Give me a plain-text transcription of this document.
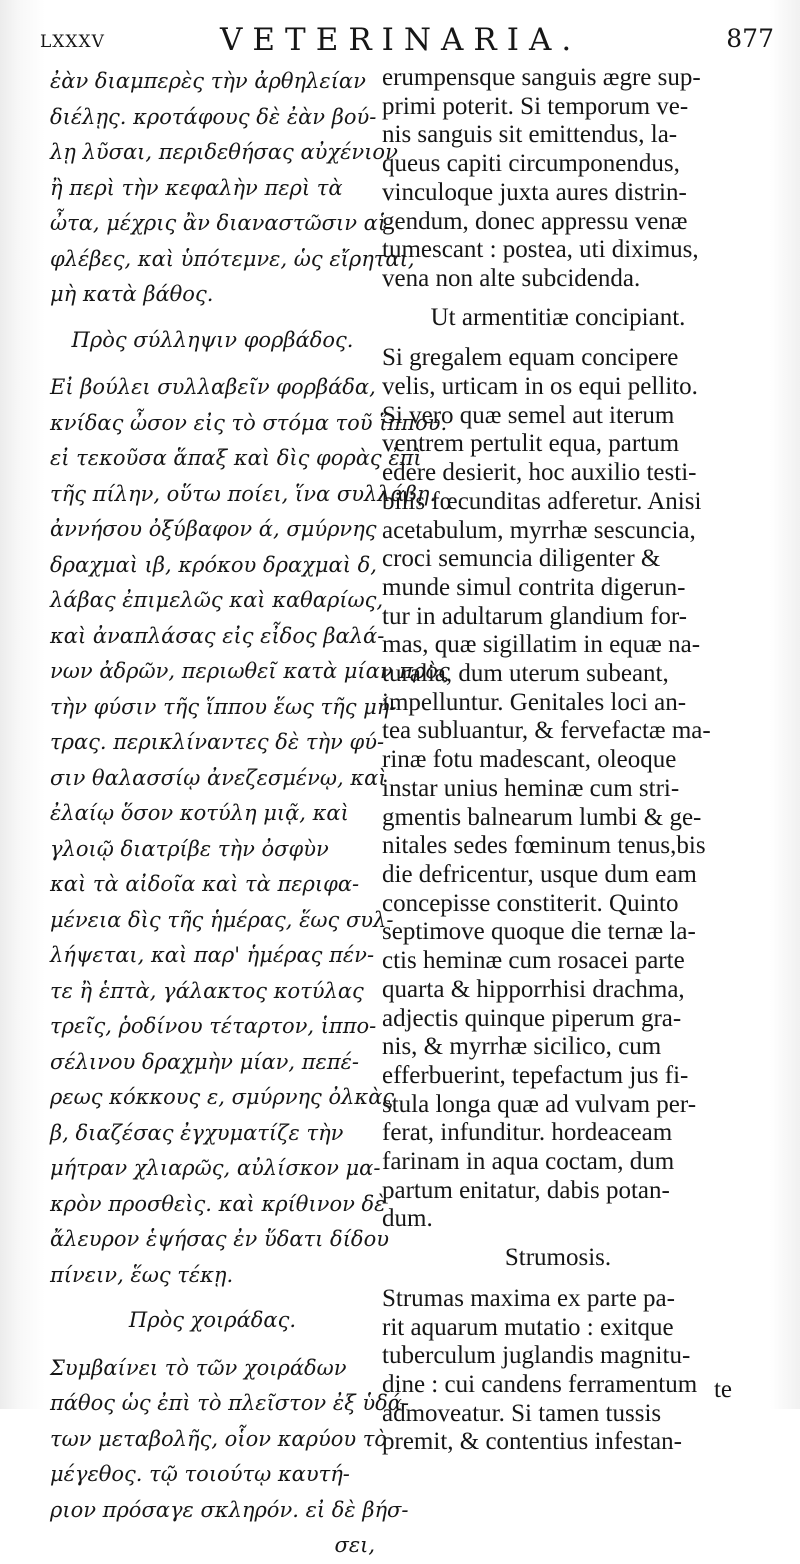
LXXXV	VETERINARIA.	877
ἐὰν διαμπερὲς τὴν ἀρθηλείαν
διέλῃς. κροτάφους δὲ ἐὰν βού-
λῃ λῦσαι, περιδεθήσας αὐχένιον
ἢ περὶ τὴν κεφαλὴν περὶ τὰ
ὦτα, μέχρις ἂν διαναστῶσιν αἱ
φλέβες, καὶ ὑπότεμνε, ὡς εἴρηται,
μὴ κατὰ βάθος.
Πρὸς σύλληψιν φορβάδος.
Εἰ βούλει συλλαβεῖν φορβάδα,
κνίδας ὦσον εἰς τὸ στόμα τοῦ ἵππου.
εἰ τεκοῦσα ἅπαξ καὶ δὶς φορὰς ἐπὶ
τῆς πίλην, οὕτω ποίει, ἵνα συλλάβῃ.
ἀννήσου ὀξύβαφον ά, σμύρνης
δραχμαὶ ιβ, κρόκου δραχμαὶ δ,
λάβας ἐπιμελῶς καὶ καθαρίως,
καὶ ἀναπλάσας εἰς εἶδος βαλά-
νων ἀδρῶν, περιωθεῖ κατὰ μίαν πρὸς
τὴν φύσιν τῆς ἵππου ἕως τῆς μή-
τρας. περικλίναντες δὲ τὴν φύ-
σιν θαλασσίῳ ἀνεζεσμένῳ, καὶ
ἐλαίῳ ὅσον κοτύλη μιᾷ, καὶ
γλοιῷ διατρίβε τὴν ὀσφὺν
καὶ τὰ αἰδοῖα καὶ τὰ περιφα-
μένεια δὶς τῆς ἡμέρας, ἕως συλ-
λήψεται, καὶ παρ' ἡμέρας πέν-
τε ἢ ἑπτὰ, γάλακτος κοτύλας
τρεῖς, ῥοδίνου τέταρτον, ἱππο-
σέλινου δραχμὴν μίαν, πεπέ-
ρεως κόκκους ε, σμύρνης ὀλκὰς
β, διαζέσας ἐγχυματίζε τὴν
μήτραν χλιαρῶς, αὐλίσκον μα-
κρὸν προσθεὶς. καὶ κρίθινον δὲ
ἄλευρον ἑψήσας ἐν ὕδατι δίδου
πίνειν, ἕως τέκῃ.
Πρὸς χοιράδας.
Συμβαίνει τὸ τῶν χοιράδων
πάθος ὡς ἐπὶ τὸ πλεῖστον ἐξ ὑδά-
των μεταβολῆς, οἷον καρύου τὸ
μέγεθος. τῷ τοιούτῳ καυτή-
ριον πρόσαγε σκληρόν. εἰ δὲ βήσ-
σει,
erumpensque sanguis ægre sup-
primi poterit. Si temporum ve-
nis sanguis sit emittendus, la-
queus capiti circumponendus,
vinculoque juxta aures distrin-
gendum, donec appressu venæ
tumescant : postea, uti diximus,
vena non alte subcidenda.
Ut armentitiæ concipiant.
Si gregalem equam concipere
velis, urticam in os equi pellito.
Si vero quæ semel aut iterum
ventrem pertulit equa, partum
edere desierit, hoc auxilio testi-
bilis fœcunditas adferetur. Anisi
acetabulum, myrrhæ sescuncia,
croci semuncia diligenter &
munde simul contrita digerun-
tur in adultarum glandium for-
mas, quæ sigillatim in equæ na-
turalia, dum uterum subeant,
impelluntur. Genitales loci an-
tea subluantur, & fervefactæ ma-
rinæ fotu madescant, oleoque
instar unius heminæ cum stri-
gmentis balnearum lumbi & ge-
nitales sedes fœminum tenus,bis
die defricentur, usque dum eam
concepisse constiterit. Quinto
septimove quoque die ternæ la-
ctis heminæ cum rosacei parte
quarta & hipporrhisi drachma,
adjectis quinque piperum gra-
nis, & myrrhæ sicilico, cum
efferbuerint, tepefactum jus fi-
stula longa quæ ad vulvam per-
ferat, infunditur. hordeaceam
farinam in aqua coctam, dum
partum enitatur, dabis potan-
dum.
Strumosis.
Strumas maxima ex parte pa-
rit aquarum mutatio : exitque
tuberculum juglandis magnitu-
dine : cui candens ferramentum
admoveatur. Si tamen tussis
premit, & contentius infestan-
te
